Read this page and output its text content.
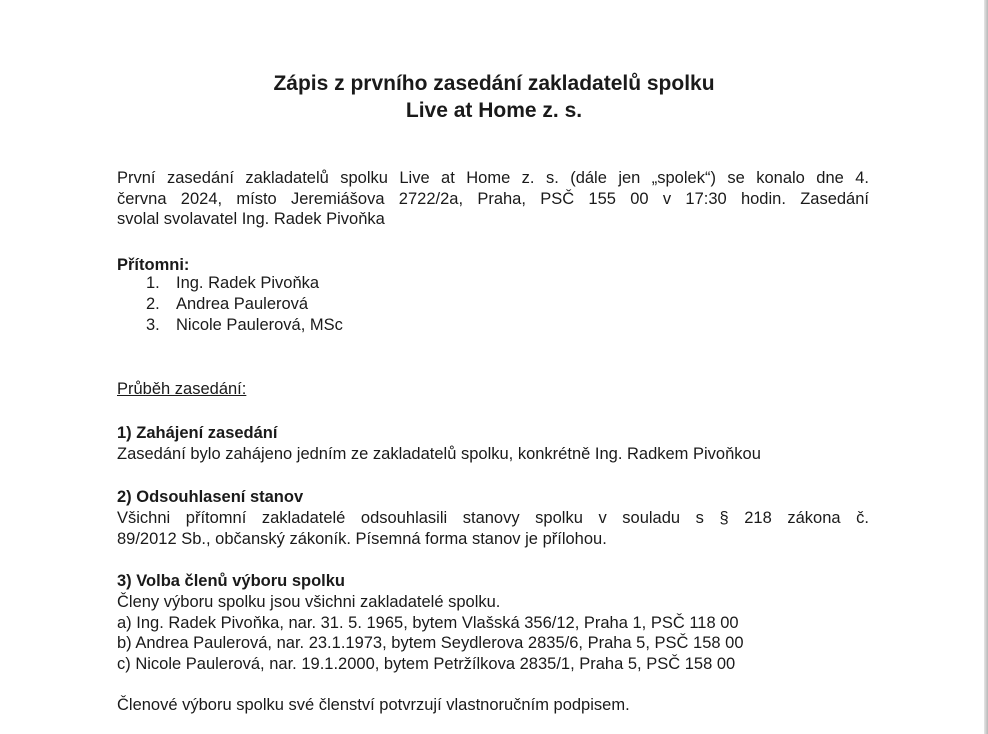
Zápis z prvního zasedání zakladatelů spolku
Live at Home z. s.
První zasedání zakladatelů spolku Live at Home z. s. (dále jen „spolek“) se konalo dne 4.
června 2024, místo Jeremiášova 2722/2a, Praha, PSČ 155 00 v 17:30 hodin. Zasedání
svolal svolavatel Ing. Radek Pivoňka
Přítomni:
1. Ing. Radek Pivoňka
2. Andrea Paulerová
3. Nicole Paulerová, MSc
Průběh zasedání:
1) Zahájení zasedání
Zasedání bylo zahájeno jedním ze zakladatelů spolku, konkrétně Ing. Radkem Pivoňkou
2) Odsouhlasení stanov
Všichni přítomní zakladatelé odsouhlasili stanovy spolku v souladu s § 218 zákona č.
89/2012 Sb., občanský zákoník. Písemná forma stanov je přílohou.
3) Volba členů výboru spolku
Členy výboru spolku jsou všichni zakladatelé spolku.
a) Ing. Radek Pivoňka, nar. 31. 5. 1965, bytem Vlašská 356/12, Praha 1, PSČ 118 00
b) Andrea Paulerová, nar. 23.1.1973, bytem Seydlerova 2835/6, Praha 5, PSČ 158 00
c) Nicole Paulerová, nar. 19.1.2000, bytem Petržílkova 2835/1, Praha 5, PSČ 158 00
Členové výboru spolku své členství potvrzují vlastnoručním podpisem.
